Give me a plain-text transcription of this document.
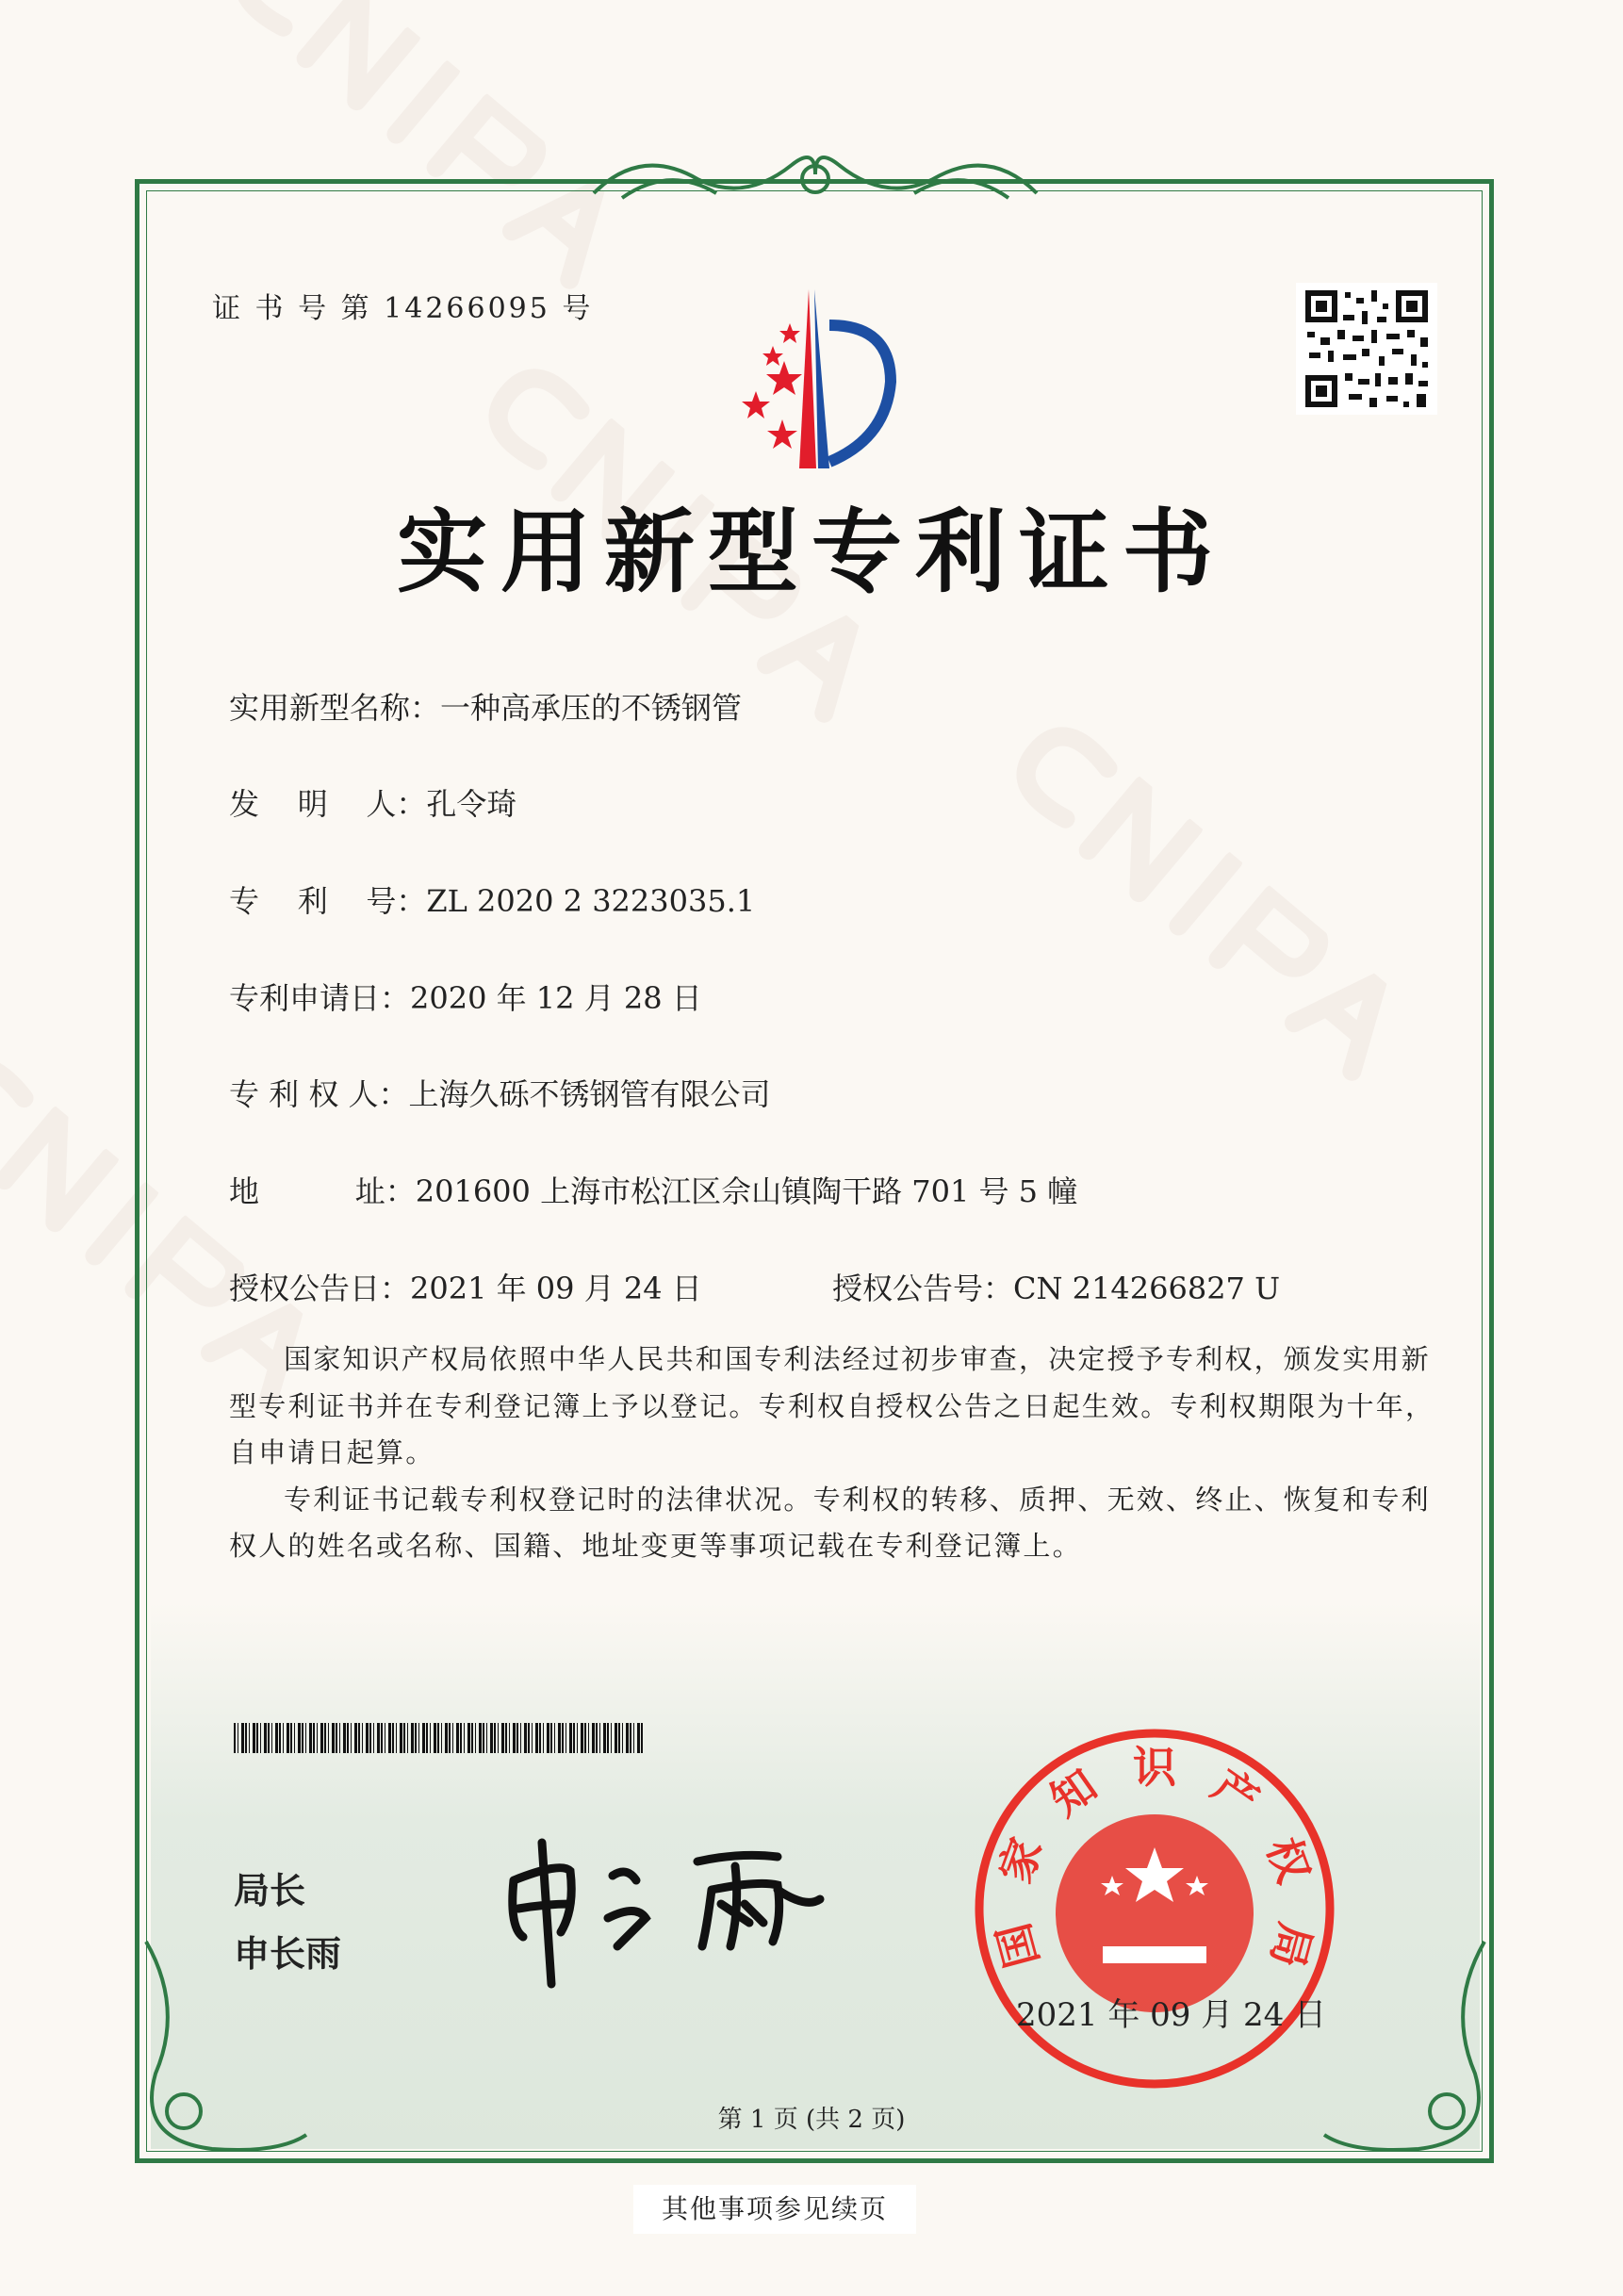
证 书 号 第 14266095 号
实用新型专利证书
实用新型名称：一种高承压的不锈钢管
发    明    人：孔令琦
专    利    号：ZL 2020 2 3223035.1
专利申请日：2020 年 12 月 28 日
专 利 权 人：上海久砾不锈钢管有限公司
地          址：201600 上海市松江区佘山镇陶干路 701 号 5 幢
授权公告日：2021 年 09 月 24 日	授权公告号：CN 214266827 U

国家知识产权局依照中华人民共和国专利法经过初步审查，决定授予专利权，颁发实用新型专利证书并在专利登记簿上予以登记。专利权自授权公告之日起生效。专利权期限为十年，自申请日起算。

专利证书记载专利权登记时的法律状况。专利权的转移、质押、无效、终止、恢复和专利权人的姓名或名称、国籍、地址变更等事项记载在专利登记簿上。

局长
申长雨	国
家
知 识 产
权
局
2021 年 09 月 24 日
第 1 页 (共 2 页)
其他事项参见续页
